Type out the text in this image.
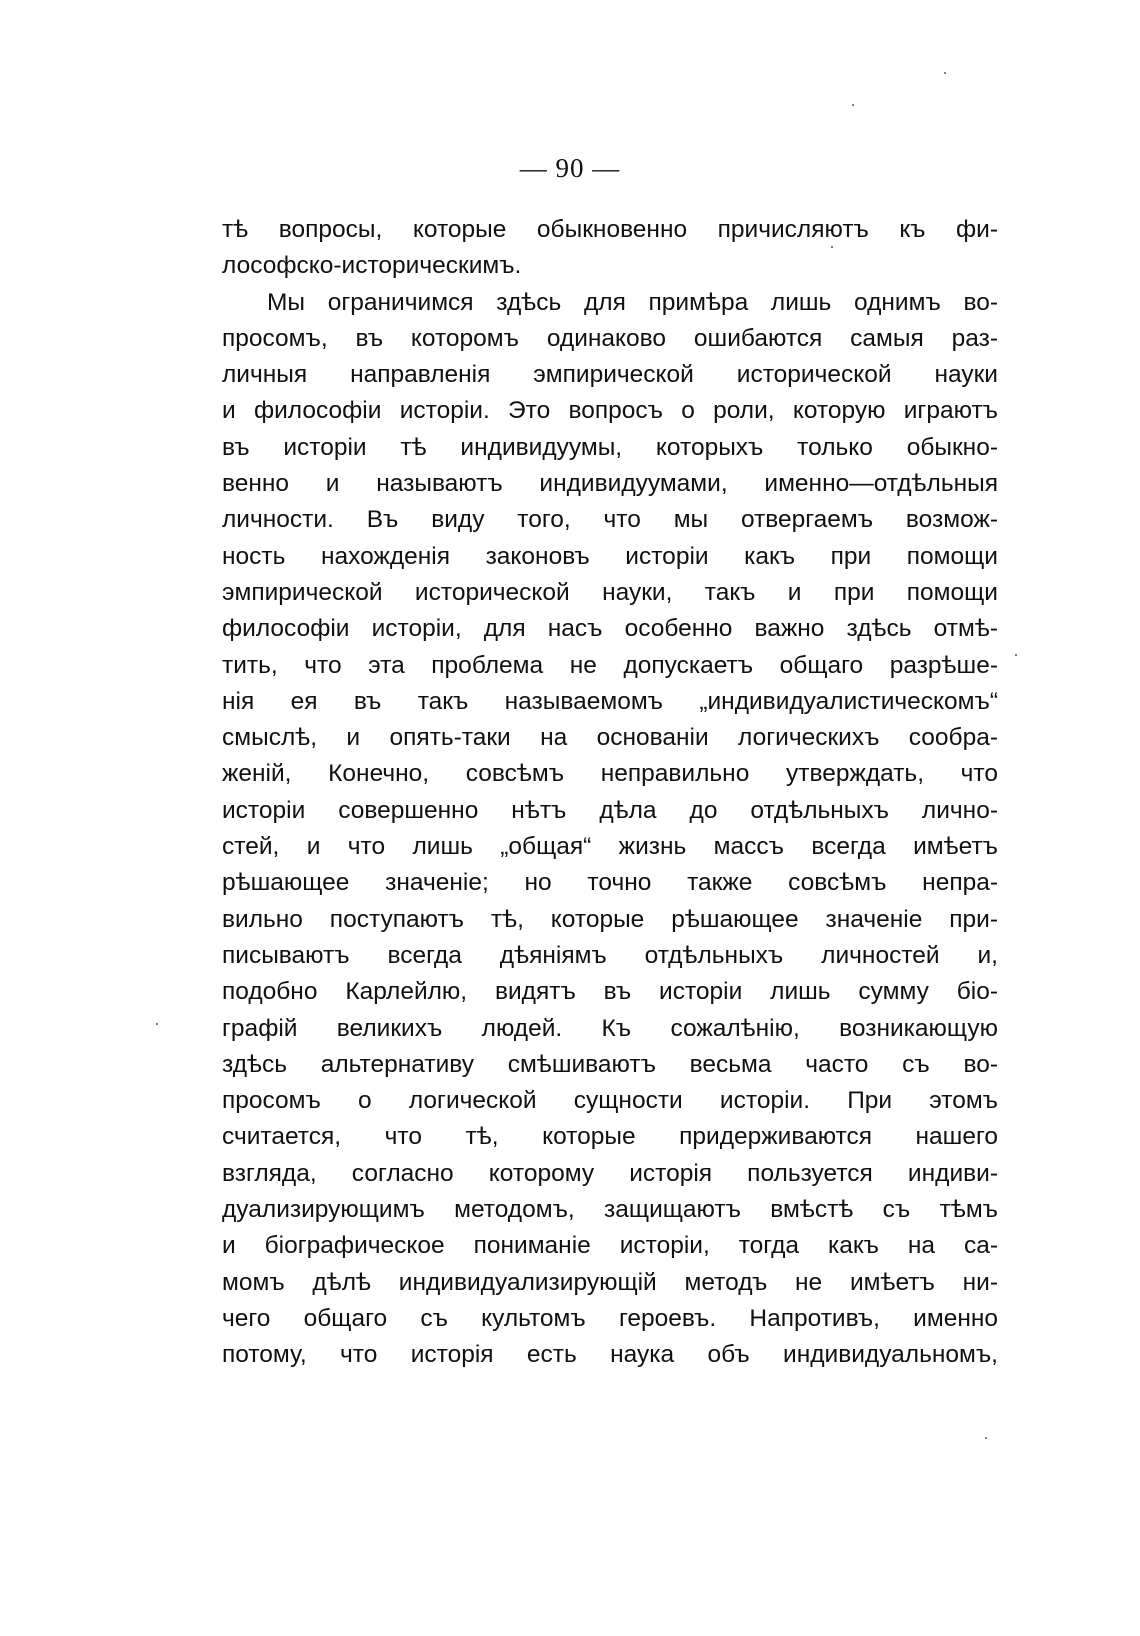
— 90 —
тѣ вопросы, которые обыкновенно причисляютъ къ фи-
лософско-историческимъ.
Мы ограничимся здѣсь для примѣра лишь однимъ во-
просомъ, въ которомъ одинаково ошибаются самыя раз-
личныя направленія эмпирической исторической науки
и философіи исторіи. Это вопросъ о роли, которую играютъ
въ исторіи тѣ индивидуумы, которыхъ только обыкно-
венно и называютъ индивидуумами, именно—отдѣльныя
личности. Въ виду того, что мы отвергаемъ возмож-
ность нахожденія законовъ исторіи какъ при помощи
эмпирической исторической науки, такъ и при помощи
философіи исторіи, для насъ особенно важно здѣсь отмѣ-
тить, что эта проблема не допускаетъ общаго разрѣше-
нія ея въ такъ называемомъ „индивидуалистическомъ“
смыслѣ, и опять-таки на основаніи логическихъ сообра-
женій, Конечно, совсѣмъ неправильно утверждать, что
исторіи совершенно нѣтъ дѣла до отдѣльныхъ лично-
стей, и что лишь „общая“ жизнь массъ всегда имѣетъ
рѣшающее значеніе; но точно также совсѣмъ непра-
вильно поступаютъ тѣ, которые рѣшающее значеніе при-
писываютъ всегда дѣяніямъ отдѣльныхъ личностей и,
подобно Карлейлю, видятъ въ исторіи лишь сумму біо-
графій великихъ людей. Къ сожалѣнію, возникающую
здѣсь альтернативу смѣшиваютъ весьма часто съ во-
просомъ о логической сущности исторіи. При этомъ
считается, что тѣ, которые придерживаются нашего
взгляда, согласно которому исторія пользуется индиви-
дуализирующимъ методомъ, защищаютъ вмѣстѣ съ тѣмъ
и біографическое пониманіе исторіи, тогда какъ на са-
момъ дѣлѣ индивидуализирующій методъ не имѣетъ ни-
чего общаго съ культомъ героевъ. Напротивъ, именно
потому, что исторія есть наука объ индивидуальномъ,
